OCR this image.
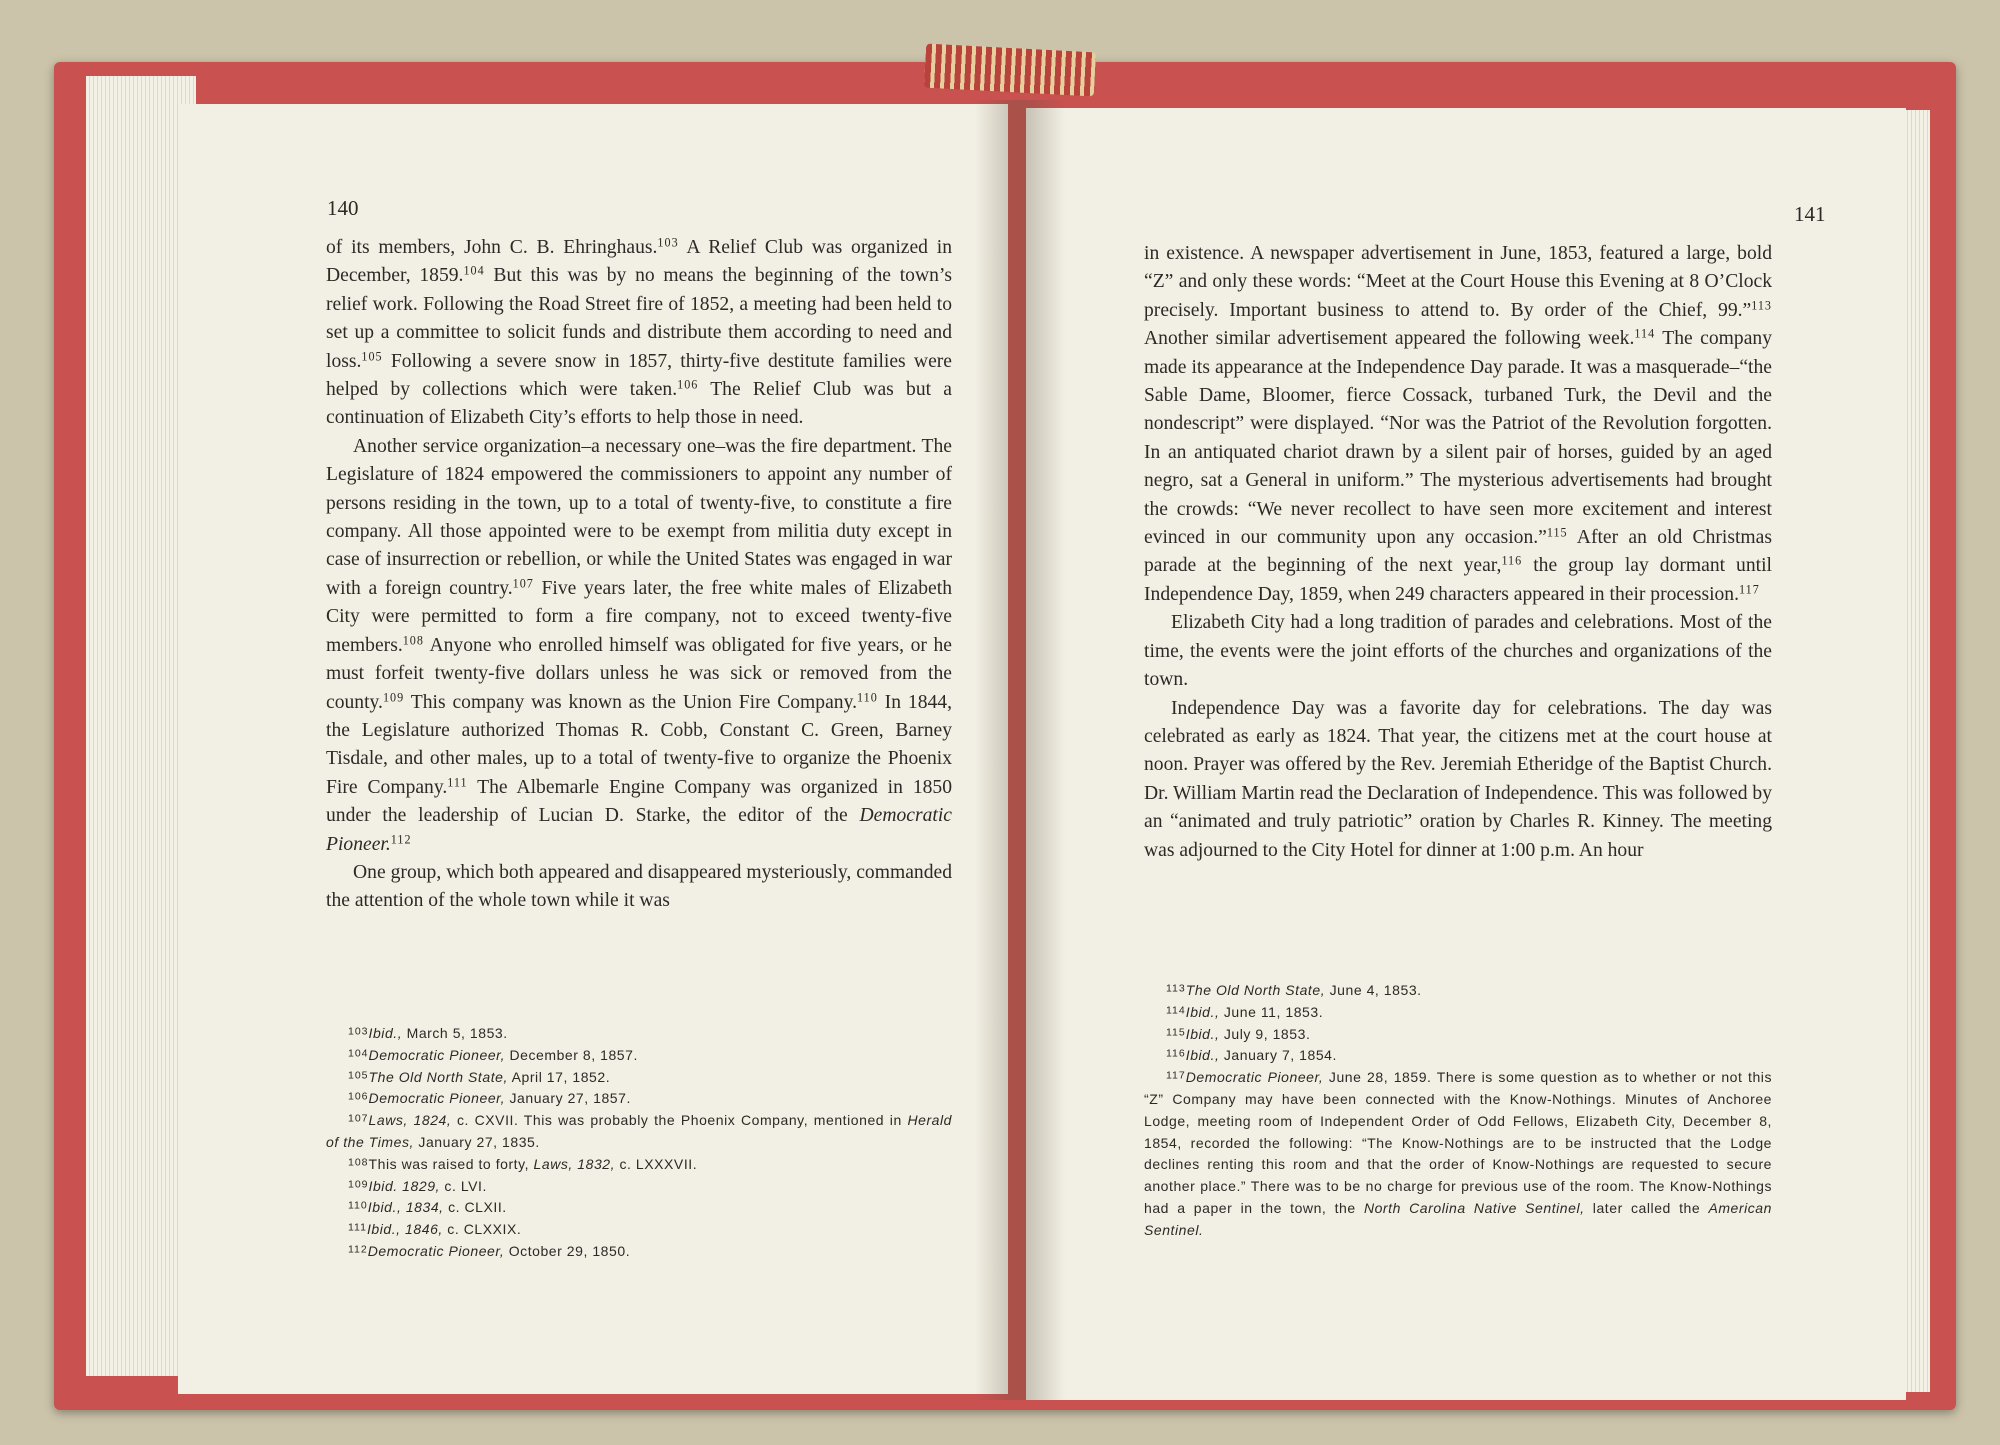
140

of its members, John C. B. Ehringhaus.$^{103}$ A Relief Club was organized in December, 1859.$^{104}$ But this was by no means the beginning of the town’s relief work. Following the Road Street fire of 1852, a meeting had been held to set up a committee to solicit funds and distribute them according to need and loss.$^{105}$ Following a severe snow in 1857, thirty-five destitute families were helped by collections which were taken.$^{106}$ The Relief Club was but a continuation of Elizabeth City’s efforts to help those in need.

Another service organization–a necessary one–was the fire department. The Legislature of 1824 empowered the commissioners to appoint any number of persons residing in the town, up to a total of twenty-five, to constitute a fire company. All those appointed were to be exempt from militia duty except in case of insurrection or rebellion, or while the United States was engaged in war with a foreign country.$^{107}$ Five years later, the free white males of Elizabeth City were permitted to form a fire company, not to exceed twenty-five members.$^{108}$ Anyone who enrolled himself was obligated for five years, or he must forfeit twenty-five dollars unless he was sick or removed from the county.$^{109}$ This company was known as the Union Fire Company.$^{110}$ In 1844, the Legislature authorized Thomas R. Cobb, Constant C. Green, Barney Tisdale, and other males, up to a total of twenty-five to organize the Phoenix Fire Company.$^{111}$ The Albemarle Engine Company was organized in 1850 under the leadership of Lucian D. Starke, the editor of the Democratic Pioneer.$^{112}$

One group, which both appeared and disappeared mysteriously, commanded the attention of the whole town while it was

$^{103}$Ibid., March 5, 1853.

$^{104}$Democratic Pioneer, December 8, 1857.

$^{105}$The Old North State, April 17, 1852.

$^{106}$Democratic Pioneer, January 27, 1857.

$^{107}$Laws, 1824, c. CXVII. This was probably the Phoenix Company, mentioned in Herald of the Times, January 27, 1835.

$^{108}$This was raised to forty, Laws, 1832, c. LXXXVII.

$^{109}$Ibid. 1829, c. LVI.

$^{110}$Ibid., 1834, c. CLXII.

$^{111}$Ibid., 1846, c. CLXXIX.

$^{112}$Democratic Pioneer, October 29, 1850.

141

in existence. A newspaper advertisement in June, 1853, featured a large, bold “Z” and only these words: “Meet at the Court House this Evening at 8 O’Clock precisely. Important business to attend to. By order of the Chief, 99.”$^{113}$ Another similar advertisement appeared the following week.$^{114}$ The company made its appearance at the Independence Day parade. It was a masquerade–“the Sable Dame, Bloomer, fierce Cossack, turbaned Turk, the Devil and the nondescript” were displayed. “Nor was the Patriot of the Revolution forgotten. In an antiquated chariot drawn by a silent pair of horses, guided by an aged negro, sat a General in uniform.” The mysterious advertisements had brought the crowds: “We never recollect to have seen more excitement and interest evinced in our community upon any occasion.”$^{115}$ After an old Christmas parade at the beginning of the next year,$^{116}$ the group lay dormant until Independence Day, 1859, when 249 characters appeared in their procession.$^{117}$

Elizabeth City had a long tradition of parades and celebrations. Most of the time, the events were the joint efforts of the churches and organizations of the town.

Independence Day was a favorite day for celebrations. The day was celebrated as early as 1824. That year, the citizens met at the court house at noon. Prayer was offered by the Rev. Jeremiah Etheridge of the Baptist Church. Dr. William Martin read the Declaration of Independence. This was followed by an “animated and truly patriotic” oration by Charles R. Kinney. The meeting was adjourned to the City Hotel for dinner at 1:00 p.m. An hour

$^{113}$The Old North State, June 4, 1853.

$^{114}$Ibid., June 11, 1853.

$^{115}$Ibid., July 9, 1853.

$^{116}$Ibid., January 7, 1854.

$^{117}$Democratic Pioneer, June 28, 1859. There is some question as to whether or not this “Z” Company may have been connected with the Know-Nothings. Minutes of Anchoree Lodge, meeting room of Independent Order of Odd Fellows, Elizabeth City, December 8, 1854, recorded the following: “The Know-Nothings are to be instructed that the Lodge declines renting this room and that the order of Know-Nothings are requested to secure another place.” There was to be no charge for previous use of the room. The Know-Nothings had a paper in the town, the North Carolina Native Sentinel, later called the American Sentinel.
